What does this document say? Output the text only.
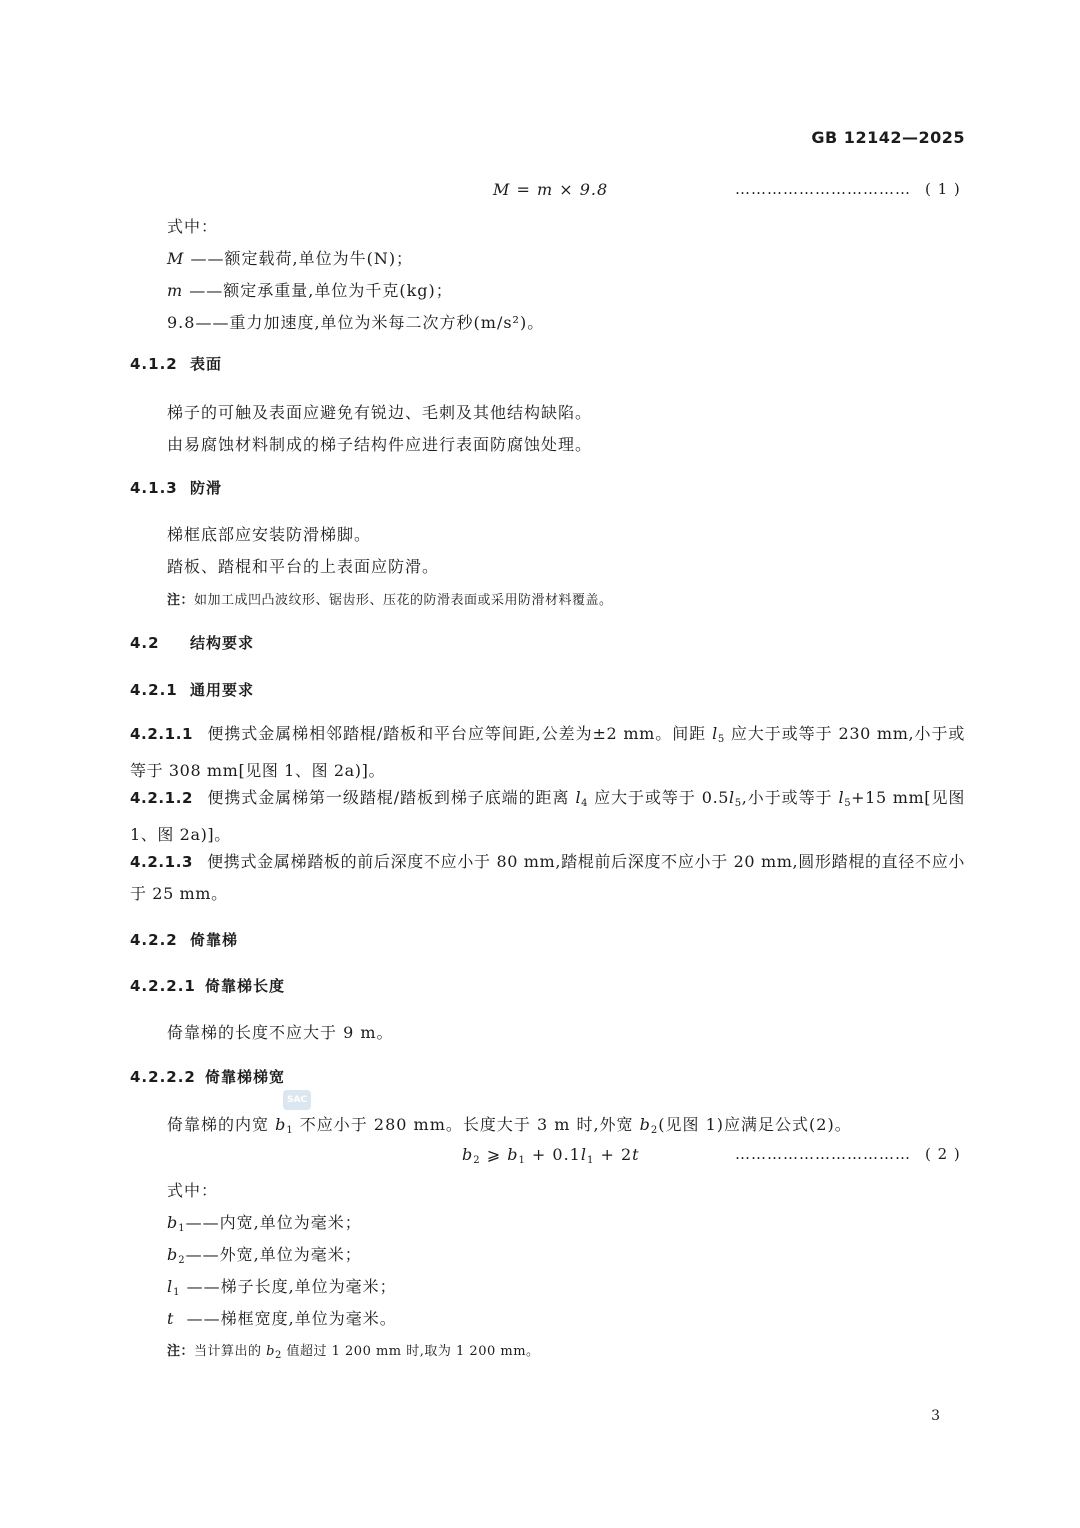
GB 12142—2025
M = m × 9.8	…………………………… ( 1 )
式中：
M ——额定载荷,单位为牛(N)；
m ——额定承重量,单位为千克(kg)；
9.8——重力加速度,单位为米每二次方秒(m/s²)。
4.1.2 表面
梯子的可触及表面应避免有锐边、毛刺及其他结构缺陷。
由易腐蚀材料制成的梯子结构件应进行表面防腐蚀处理。
4.1.3 防滑
梯框底部应安装防滑梯脚。
踏板、踏棍和平台的上表面应防滑。
注：如加工成凹凸波纹形、锯齿形、压花的防滑表面或采用防滑材料覆盖。
4.2 结构要求
4.2.1 通用要求
4.2.1.1 便携式金属梯相邻踏棍/踏板和平台应等间距,公差为±2 mm。间距 $l_5$ 应大于或等于 230 mm,小于或等于 308 mm[见图 1、图 2a)]。
4.2.1.2 便携式金属梯第一级踏棍/踏板到梯子底端的距离 $l_4$ 应大于或等于 $0.5l_5$,小于或等于 $l_5+15$ mm[见图 1、图 2a)]。
4.2.1.3 便携式金属梯踏板的前后深度不应小于 80 mm,踏棍前后深度不应小于 20 mm,圆形踏棍的直径不应小于 25 mm。
4.2.2 倚靠梯
4.2.2.1 倚靠梯长度
倚靠梯的长度不应大于 9 m。
4.2.2.2 倚靠梯梯宽
SAC
倚靠梯的内宽 $b_1$ 不应小于 280 mm。长度大于 3 m 时,外宽 $b_2$(见图 1)应满足公式(2)。
$b_2$ ⩾ $b_1 + 0.1l_1 + 2t$	…………………………… ( 2 )
式中：
$b_1——$内宽,单位为毫米；
$b_2——$外宽,单位为毫米；
$l_1$ ——梯子长度,单位为毫米；
t  ——梯框宽度,单位为毫米。
注：当计算出的 $b_2$ 值超过 1 200 mm 时,取为 1 200 mm。
3
